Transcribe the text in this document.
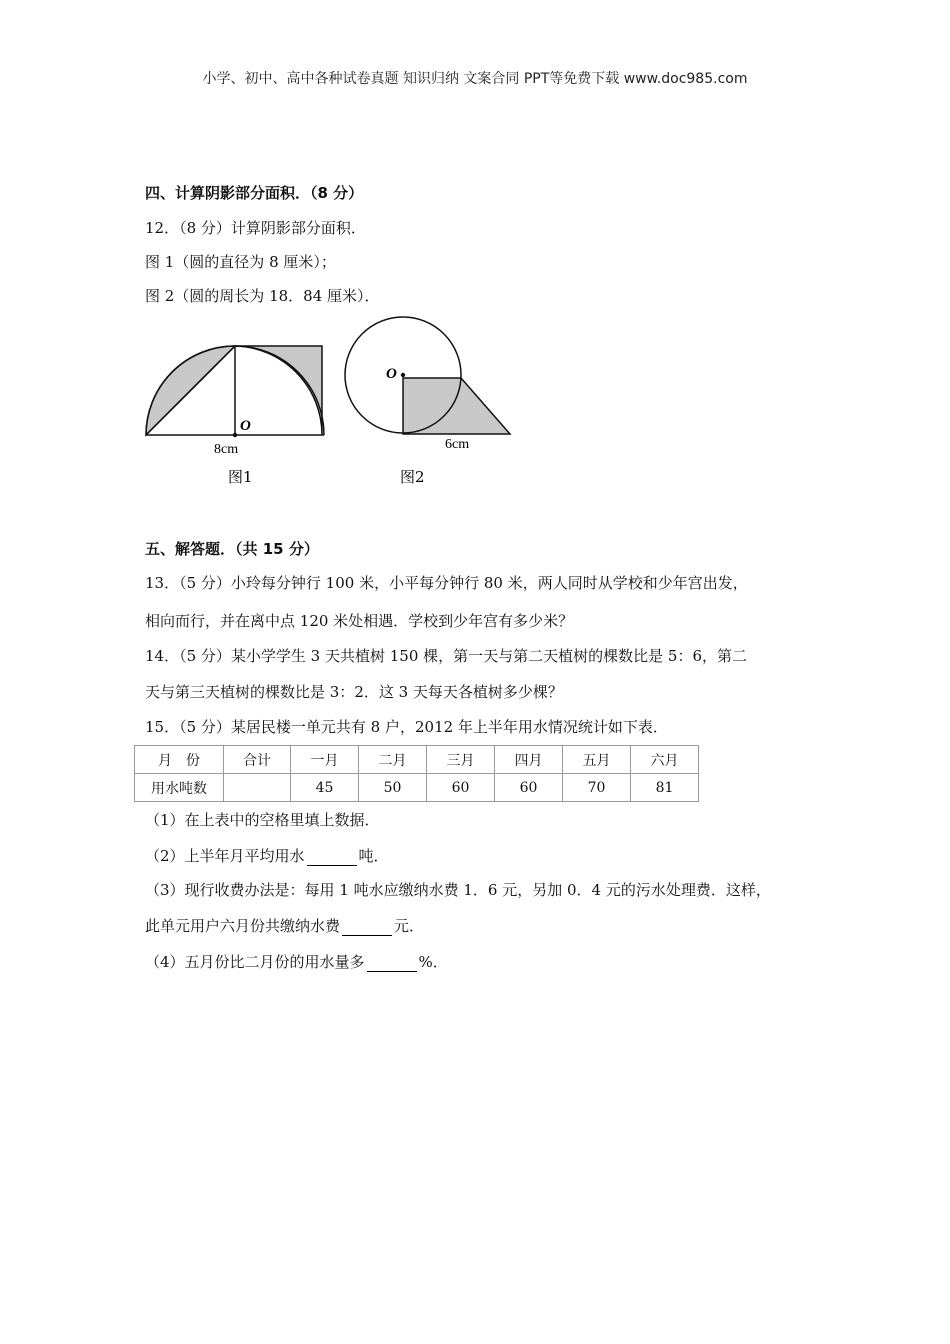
小学、初中、高中各种试卷真题 知识归纳 文案合同 PPT等免费下载 www.doc985.com
四、计算阴影部分面积．（8 分）
12．（8 分）计算阴影部分面积．
图 1（圆的直径为 8 厘米）；
图 2（圆的周长为 18．84 厘米）．
O
8cm
图1
O
6cm
图2
五、解答题．（共 15 分）
13．（5 分）小玲每分钟行 100 米，小平每分钟行 80 米，两人同时从学校和少年宫出发，
相向而行，并在离中点 120 米处相遇．学校到少年宫有多少米？
14．（5 分）某小学学生 3 天共植树 150 棵，第一天与第二天植树的棵数比是 5：6，第二
天与第三天植树的棵数比是 3：2．这 3 天每天各植树多少棵？
15．（5 分）某居民楼一单元共有 8 户，2012 年上半年用水情况统计如下表．
月　份	合计	一月	二月	三月	四月	五月	六月
用水吨数		45	50	60	60	70	81
（1）在上表中的空格里填上数据．
（2）上半年月平均用水	吨．
（3）现行收费办法是：每用 1 吨水应缴纳水费 1．6 元，另加 0．4 元的污水处理费．这样，
此单元用户六月份共缴纳水费	元．
（4）五月份比二月份的用水量多	%．
